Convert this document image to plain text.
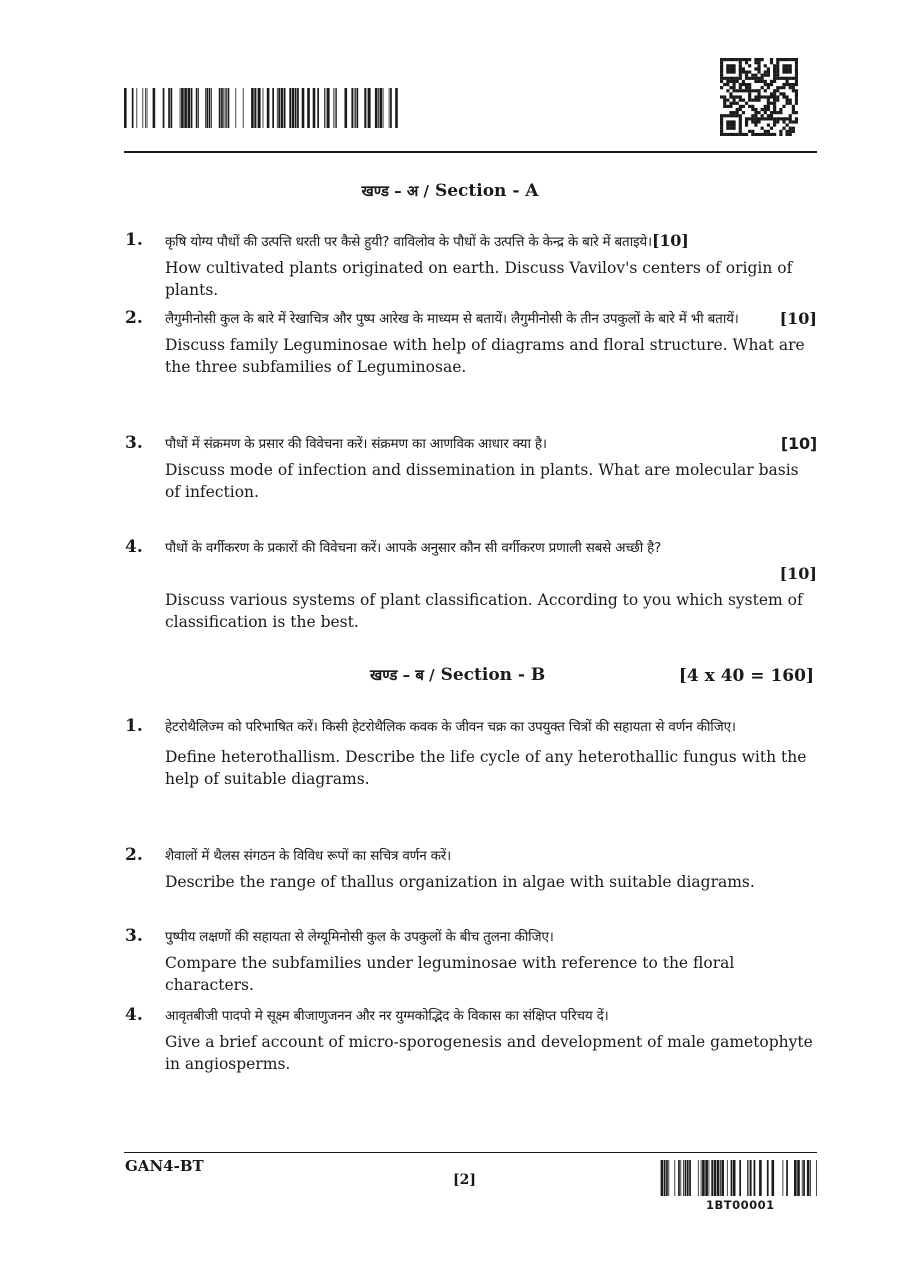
खण्ड – अ / Section - A
1. कृषि योग्य पौधों की उत्पत्ति धरती पर कैसे हुयी? वाविलोव के पौधों के उत्पत्ति के केन्द्र के बारे में बताइये।[10]
How cultivated plants originated on earth. Discuss Vavilov's centers of origin of plants.
2. लैगुमीनोसी कुल के बारे में रेखाचित्र और पुष्प आरेख के माध्यम से बतायें। लैगुमीनोसी के तीन उपकुलों के बारे में भी बतायें।	[10]
Discuss family Leguminosae with help of diagrams and floral structure. What are the three subfamilies of Leguminosae.
3. पौधों में संक्रमण के प्रसार की विवेचना करें। संक्रमण का आणविक आधार क्या है।	[10]
Discuss mode of infection and dissemination in plants. What are molecular basis of infection.
4. पौधों के वर्गीकरण के प्रकारों की विवेचना करें। आपके अनुसार कौन सी वर्गीकरण प्रणाली सबसे अच्छी है?
[10]
Discuss various systems of plant classification. According to you which system of classification is the best.
खण्ड – ब / Section - B	[4 x 40 = 160]
1. हेटरोथैलिज्म को परिभाषित करें। किसी हेटरोथैलिक कवक के जीवन चक्र का उपयुक्त चित्रों की सहायता से वर्णन कीजिए।
Define heterothallism. Describe the life cycle of any heterothallic fungus with the help of suitable diagrams.
2. शैवालों में थैलस संगठन के विविध रूपों का सचित्र वर्णन करें।
Describe the range of thallus organization in algae with suitable diagrams.
3. पुष्पीय लक्षणों की सहायता से लेग्यूमिनोसी कुल के उपकुलों के बीच तुलना कीजिए।
Compare the subfamilies under leguminosae with reference to the floral characters.
4. आवृतबीजी पादपो मे सूक्ष्म बीजाणुजनन और नर युग्मकोद्भिद के विकास का संक्षिप्त परिचय दें।
Give a brief account of micro-sporogenesis and development of male gametophyte in angiosperms.
GAN4-BT
[2]
1BT00001
